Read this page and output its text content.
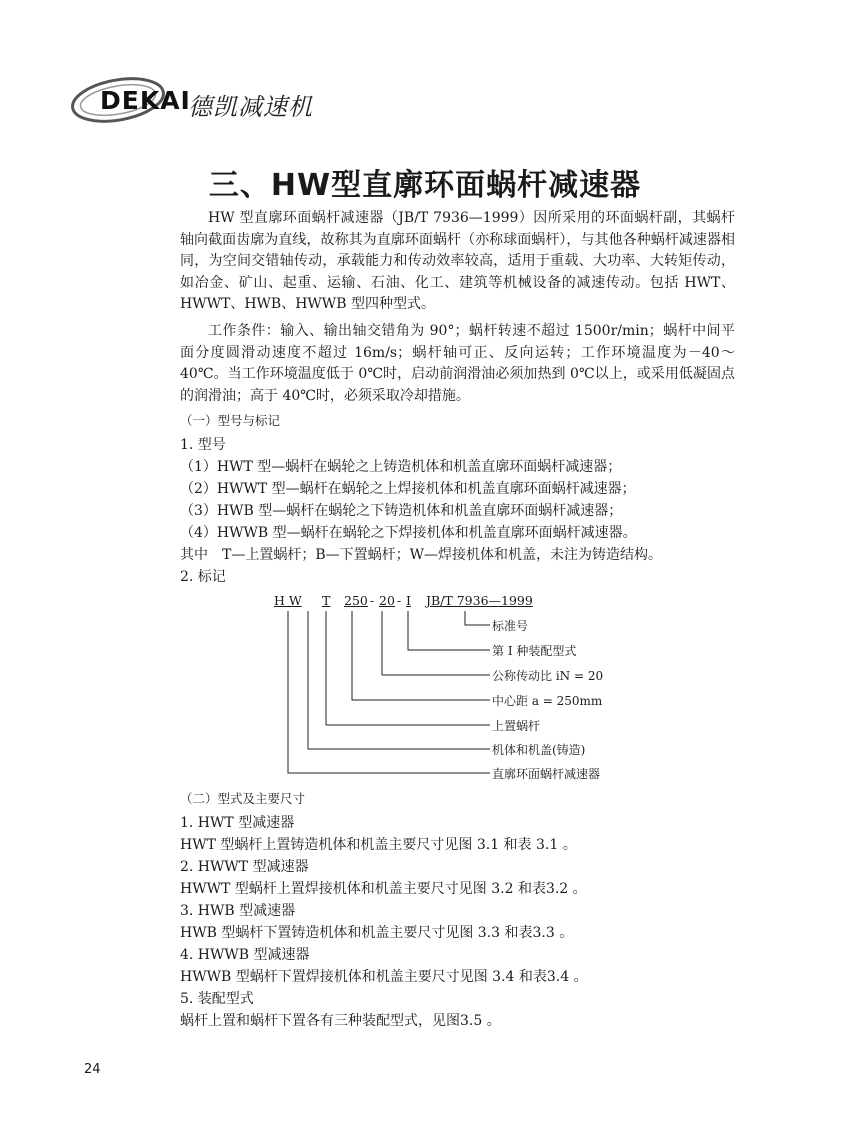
DEKAI
德凯减速机
三、HW型直廓环面蜗杆减速器

HW 型直廓环面蜗杆减速器（JB/T 7936—1999）因所采用的环面蜗杆副，其蜗杆轴向截面齿廓为直线，故称其为直廓环面蜗杆（亦称球面蜗杆），与其他各种蜗杆减速器相同，为空间交错轴传动，承载能力和传动效率较高，适用于重载、大功率、大转矩传动，如冶金、矿山、起重、运输、石油、化工、建筑等机械设备的减速传动。包括 HWT、HWWT、HWB、HWWB 型四种型式。

工作条件：输入、输出轴交错角为 90°；蜗杆转速不超过 1500r/min；蜗杆中间平面分度圆滑动速度不超过 16m/s；蜗杆轴可正、反向运转；工作环境温度为－40～40℃。当工作环境温度低于 0℃时，启动前润滑油必须加热到 0℃以上，或采用低凝固点的润滑油；高于 40℃时，必须采取冷却措施。

（一）型号与标记
1. 型号
（1）HWT 型—蜗杆在蜗轮之上铸造机体和机盖直廓环面蜗杆减速器；
（2）HWWT 型—蜗杆在蜗轮之上焊接机体和机盖直廓环面蜗杆减速器；
（3）HWB 型—蜗杆在蜗轮之下铸造机体和机盖直廓环面蜗杆减速器；
（4）HWWB 型—蜗杆在蜗轮之下焊接机体和机盖直廓环面蜗杆减速器。
其中　T—上置蜗杆；B—下置蜗杆；W—焊接机体和机盖，未注为铸造结构。
2. 标记
H W T 250 - 20 - I JB/T 7936—1999
标准号
第 Ⅰ 种装配型式
公称传动比 iN = 20
中心距 a = 250mm
上置蜗杆
机体和机盖(铸造)
直廓环面蜗杆减速器
（二）型式及主要尺寸
1. HWT 型减速器
HWT 型蜗杆上置铸造机体和机盖主要尺寸见图 3.1 和表 3.1 。
2. HWWT 型减速器
HWWT 型蜗杆上置焊接机体和机盖主要尺寸见图 3.2 和表3.2 。
3. HWB 型减速器
HWB 型蜗杆下置铸造机体和机盖主要尺寸见图 3.3 和表3.3 。
4. HWWB 型减速器
HWWB 型蜗杆下置焊接机体和机盖主要尺寸见图 3.4 和表3.4 。
5. 装配型式
蜗杆上置和蜗杆下置各有三种装配型式，见图3.5 。
24
